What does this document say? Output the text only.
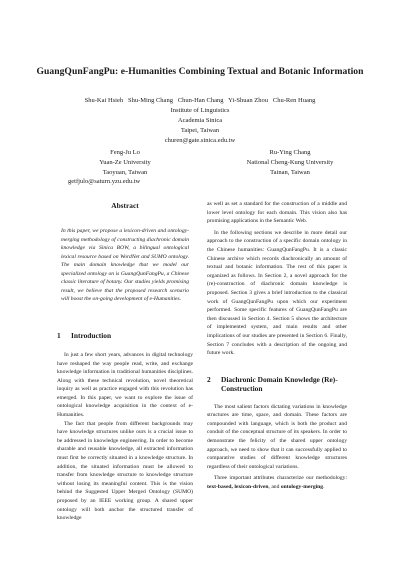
GuangQunFangPu: e-Humanities Combining Textual and Botanic Information
Shu-Kai Hsieh   Shu-Ming Chang   Chun-Han Chang   Yi-Shuan Zhou   Chu-Ren Huang
Institute of Linguistics
Academia Sinica
Taipei, Taiwan
churen@gate.sinica.edu.tw
Feng-Ju Lo
Yuan-Ze University
Taoyuan, Taiwan
getfjulo@saturn.yzu.edu.tw
Ru-Ying Chang
National Cheng-Kung University
Tainan, Taiwan
Abstract

In this paper, we propose a lexicon-driven and ontology-merging methodology of constructing diachronic domain knowledge via Sinica BOW, a bilingual ontological lexical resource based on WordNet and SUMO ontology. The main domain knowledge that we model our specialized ontology on is GuangQunFangPu, a Chinese classic literature of botany. Our studies yields promising result, we believe that the proposed research scenario will boost the on-going development of e-Humanities.

1	Introduction

In just a few short years, advances in digital technology have reshaped the way people read, write, and exchange knowledge information in traditional humanities disciplines. Along with these technical revolution, novel theoretical inquiry as well as practice engaged with this revolution has emerged. In this paper, we want to explore the issue of ontological knowledge acquisition in the context of e-Humanities.

The fact that people from different backgrounds may have knowledge structures unlike ours is a crucial issue to be addressed in knowledge engineering. In order to become sharable and reusable knowledge, all extracted information must first be correctly situated in a knowledge structure. In addition, the situated information must be allowed to transfer from knowledge structure to knowledge structure without losing its meaningful content. This is the vision behind the Suggested Upper Merged Ontology (SUMO) proposed by an IEEE working group. A shared upper ontology will both anchor the structured transfer of knowledge

as well as set a standard for the construction of a middle and lower level ontology for each domain. This vision also has promising applications in the Semantic Web.

In the following sections we describe in more detail our approach to the construction of a specific domain ontology in the Chinese humanities: GuangQunFangPu. It is a classic Chinese archive which records diachronically an amount of textual and botanic information. The rest of this paper is organized as follows. In Section 2, a novel approach for the (re)-construction of diachronic domain knowledge is proposed. Section 3 gives a brief introduction to the classical work of GuangQunFangPu upon which our experiment performed. Some specific features of GuangQunFangPu are then discussed in Section 4. Section 5 shows the architecture of implemented system, and main results and other implications of our studies are presented in Section 6. Finally, Section 7 concludes with a description of the ongoing and future work.

2	Diachronic Domain Knowledge (Re)-Construction

The most salient factors dictating variations in knowledge structures are time, space, and domain. These factors are compounded with language, which is both the product and conduit of the conceptual structure of its speakers. In order to demonstrate the felicity of the shared upper ontology approach, we need to show that it can successfully applied to comparative studies of different knowledge structures regardless of their ontological variations.

Three important attributes characterize our methodology: text-based, lexicon-driven, and ontology-merging.
